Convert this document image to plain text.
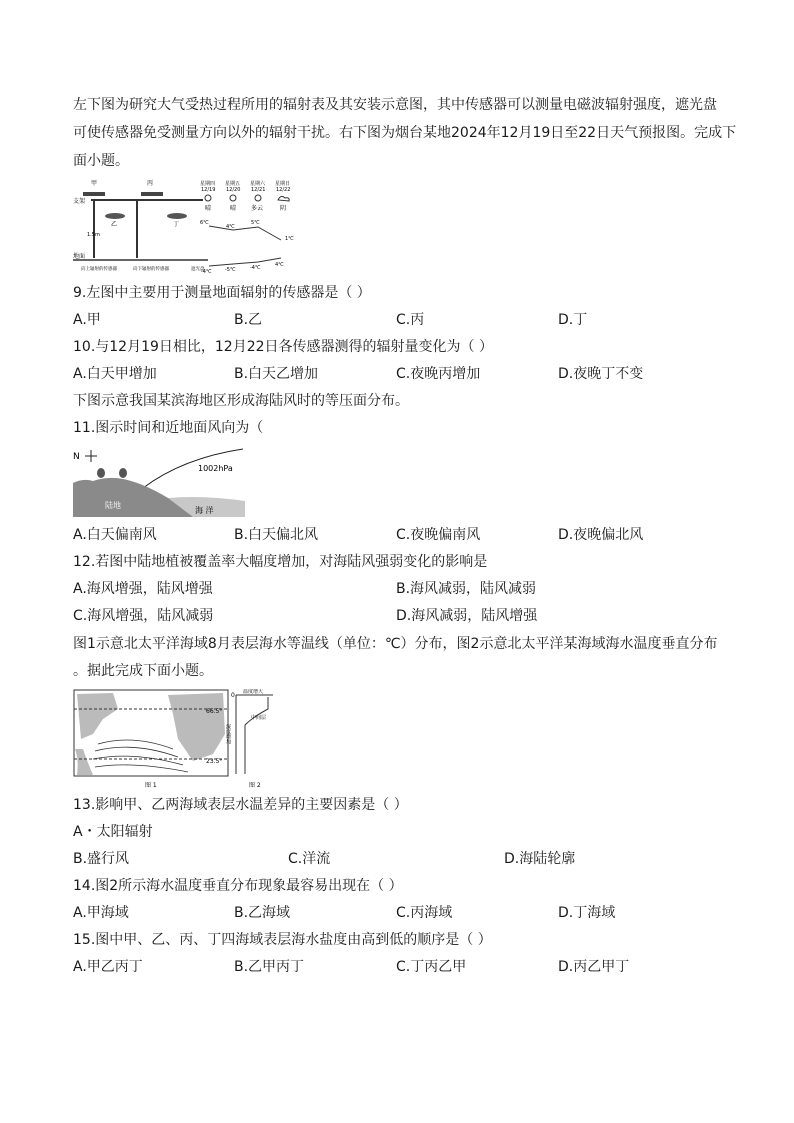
左下图为研究大气受热过程所用的辐射表及其安装示意图，其中传感器可以测量电磁波辐射强度，遮光盘
可使传感器免受测量方向以外的辐射干扰。右下图为烟台某地2024年12月19日至22日天气预报图。完成下
面小题。
甲	丙
支架
乙	丁
1.5m
地面
向上辐射的传感器	向下辐射的传感器	遮光盘
星期四 星期五 星期六 星期日
12/19 12/20 12/21 12/22
晴	晴 多云	阴
6℃
4℃
5℃
1℃
-4℃	-5℃	-4℃	4℃
9.左图中主要用于测量地面辐射的传感器是（ ）
A.甲	B.乙	C.丙	D.丁
10.与12月19日相比，12月22日各传感器测得的辐射量变化为（ ）
A.白天甲增加	B.白天乙增加	C.夜晚丙增加	D.夜晚丁不变
下图示意我国某滨海地区形成海陆风时的等压面分布。
11.图示时间和近地面风向为（
N
1002hPa
陆地
海 洋
A.白天偏南风	B.白天偏北风	C.夜晚偏南风	D.夜晚偏北风
12.若图中陆地植被覆盖率大幅度增加，对海陆风强弱变化的影响是
A.海风增强，陆风增强	B.海风减弱，陆风减弱
C.海风增强，陆风减弱	D.海风减弱，陆风增强
图1示意北太平洋海域8月表层海水等温线（单位：℃）分布，图2示意北太平洋某海域海水温度垂直分布
。据此完成下面小题。
66.5°
23.5°
图 1
0 温度增大
深度增加
中间层
图 2
13.影响甲、乙两海域表层水温差异的主要因素是（ ）
A・太阳辐射
B.盛行风	C.洋流	D.海陆轮廓
14.图2所示海水温度垂直分布现象最容易出现在（ ）
A.甲海域	B.乙海域	C.丙海域	D.丁海域
15.图中甲、乙、丙、丁四海域表层海水盐度由高到低的顺序是（ ）
A.甲乙丙丁	B.乙甲丙丁	C.丁丙乙甲	D.丙乙甲丁
